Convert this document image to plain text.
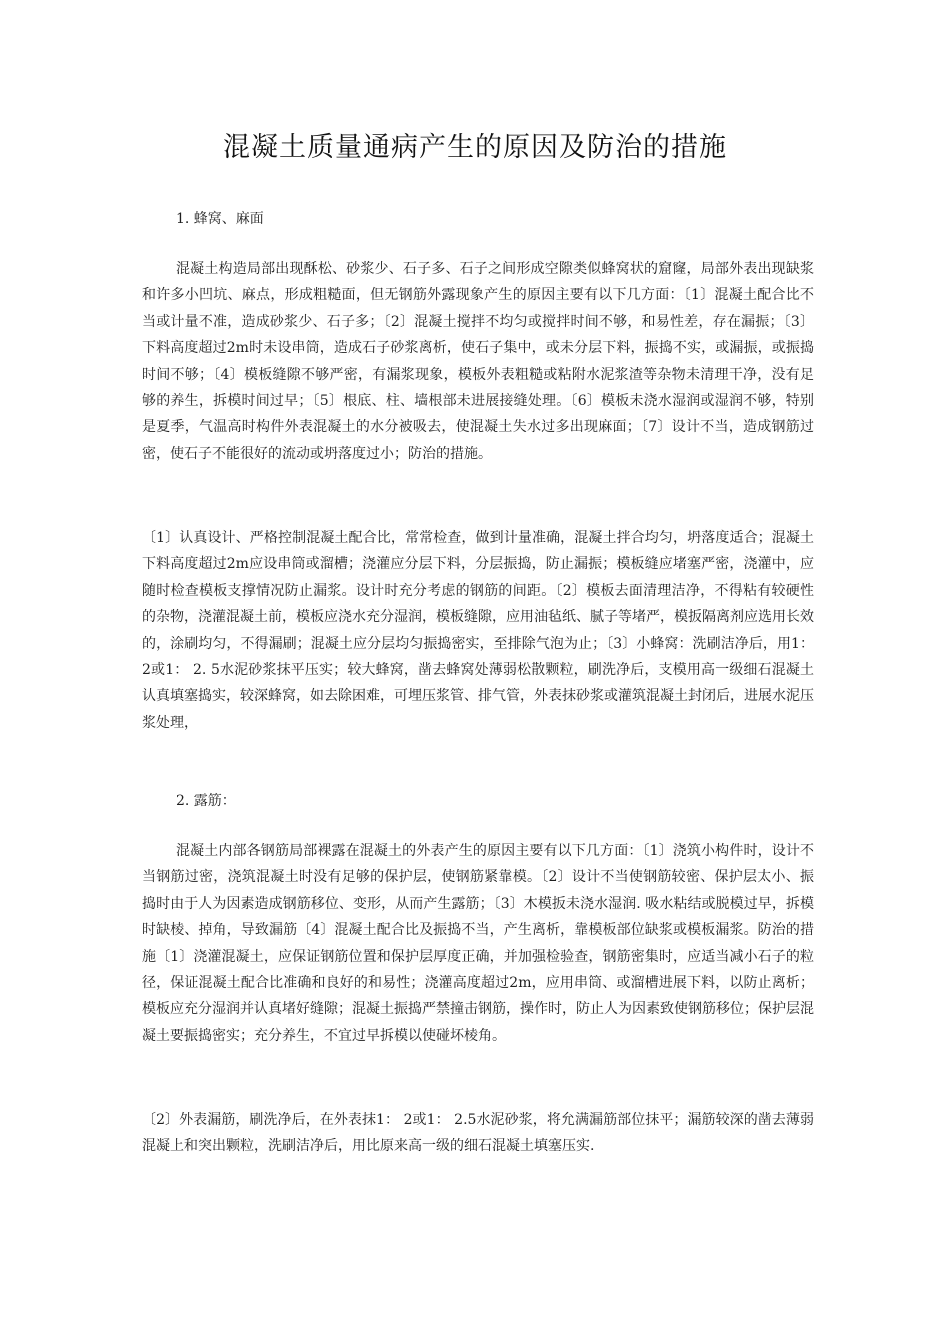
混凝土质量通病产生的原因及防治的措施
1. 蜂窝、麻面

混凝土构造局部出现酥松、砂浆少、石子多、石子之间形成空隙类似蜂窝状的窟窿，局部外表出现缺浆和许多小凹坑、麻点，形成粗糙面，但无钢筋外露现象产生的原因主要有以下几方面：〔1〕混凝土配合比不当或计量不准，造成砂浆少、石子多；〔2〕混凝土搅拌不均匀或搅拌时间不够，和易性差，存在漏振；〔3〕下料高度超过2m时未设串筒，造成石子砂浆离析，使石子集中，或未分层下料，振捣不实，或漏振，或振捣时间不够；〔4〕模板缝隙不够严密，有漏浆现象，模板外表粗糙或粘附水泥浆渣等杂物未清理干净，没有足够的养生，拆模时间过早；〔5〕根底、柱、墙根部未进展接缝处理。〔6〕模板未浇水湿润或湿润不够，特别是夏季，气温高时构件外表混凝土的水分被吸去，使混凝土失水过多出现麻面；〔7〕设计不当，造成钢筋过密，使石子不能很好的流动或坍落度过小；防治的措施。

〔1〕认真设计、严格控制混凝土配合比，常常检查，做到计量准确，混凝土拌合均匀，坍落度适合；混凝土下料高度超过2m应设串筒或溜槽；浇灌应分层下料，分层振捣，防止漏振；模板缝应堵塞严密，浇灌中，应随时检查模板支撑情况防止漏浆。设计时充分考虑的钢筋的间距。〔2〕模板去面清理洁净，不得粘有较硬性的杂物，浇灌混凝土前，模板应浇水充分湿润，模板缝隙，应用油毡纸、腻子等堵严，模扳隔离剂应选用长效的，涂刷均匀，不得漏刷；混凝土应分层均匀振捣密实，至排除气泡为止；〔3〕小蜂窝：洗刷洁净后，用1：2或1： 2. 5水泥砂浆抹平压实；较大蜂窝，凿去蜂窝处薄弱松散颗粒，刷洗净后，支模用高一级细石混凝土认真填塞捣实，较深蜂窝，如去除困难，可埋压浆管、排气管，外表抹砂浆或灌筑混凝土封闭后，进展水泥压浆处理，

2. 露筋：

混凝土内部各钢筋局部裸露在混凝土的外表产生的原因主要有以下几方面：〔1〕浇筑小构件时，设计不当钢筋过密，浇筑混凝土时没有足够的保护层，使钢筋紧靠模。〔2〕设计不当使钢筋较密、保护层太小、振捣时由于人为因素造成钢筋移位、变形，从而产生露筋；〔3〕木模扳未浇水湿润. 吸水粘结或脱模过早，拆模时缺棱、掉角，导致漏筋〔4〕混凝土配合比及振捣不当，产生离析，靠模板部位缺浆或模板漏浆。防治的措施〔1〕浇灌混凝土，应保证钢筋位置和保护层厚度正确，并加强检验查，钢筋密集时，应适当减小石子的粒径，保证混凝土配合比准确和良好的和易性；浇灌高度超过2m，应用串筒、或溜槽进展下料，以防止离析；模板应充分湿润并认真堵好缝隙；混凝土振捣严禁撞击钢筋，操作时，防止人为因素致使钢筋移位；保护层混凝土要振捣密实；充分养生，不宜过早拆模以使碰坏棱角。

〔2〕外表漏筋，刷洗净后，在外表抹1： 2或1： 2.5水泥砂浆，将允满漏筋部位抹平；漏筋较深的凿去薄弱混凝上和突出颗粒，洗刷洁净后，用比原来高一级的细石混凝土填塞压实.
